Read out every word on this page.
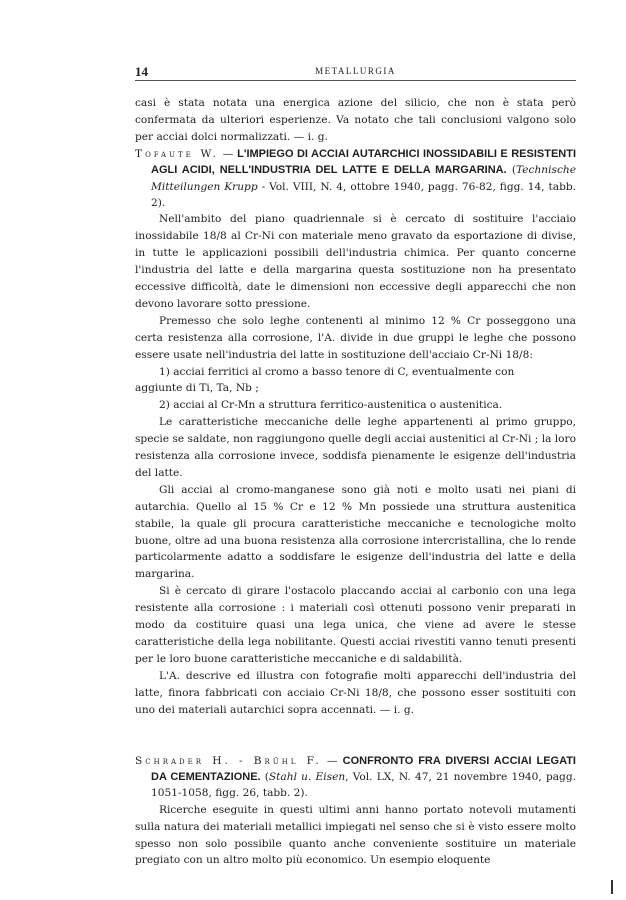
14	METALLURGIA

casi è stata notata una energica azione del silicio, che non è stata però confermata da ulteriori esperienze. Va notato che tali conclusioni valgono solo per acciai dolci normalizzati. — i. g.

Tofaute W. — L'IMPIEGO DI ACCIAI AUTARCHICI INOSSIDABILI E RESISTENTI AGLI ACIDI, NELL'INDUSTRIA DEL LATTE E DELLA MARGARINA. (Technische Mitteilungen Krupp - Vol. VIII, N. 4, ottobre 1940, pagg. 76-82, figg. 14, tabb. 2).

Nell'ambito del piano quadriennale si è cercato di sostituire l'acciaio inossidabile 18/8 al Cr-Ni con materiale meno gravato da esportazione di divise, in tutte le applicazioni possibili dell'industria chimica. Per quanto concerne l'industria del latte e della margarina questa sostituzione non ha presentato eccessive difficoltà, date le dimensioni non eccessive degli apparecchi che non devono lavorare sotto pressione.

Premesso che solo leghe contenenti al minimo 12 % Cr posseggono una certa resistenza alla corrosione, l'A. divide in due gruppi le leghe che possono essere usate nell'industria del latte in sostituzione dell'acciaio Cr-Ni 18/8:

1) acciai ferritici al cromo a basso tenore di C, eventualmente con

aggiunte di Ti, Ta, Nb ;

2) acciai al Cr-Mn a struttura ferritico-austenitica o austenitica.

Le caratteristiche meccaniche delle leghe appartenenti al primo gruppo, specie se saldate, non raggiungono quelle degli acciai austenitici al Cr-Ni ; la loro resistenza alla corrosione invece, soddisfa pienamente le esigenze dell'industria del latte.

Gli acciai al cromo-manganese sono già noti e molto usati nei piani di autarchia. Quello al 15 % Cr e 12 % Mn possiede una struttura austenitica stabile, la quale gli procura caratteristiche meccaniche e tecnologiche molto buone, oltre ad una buona resistenza alla corrosione intercristallina, che lo rende particolarmente adatto a soddisfare le esigenze dell'industria del latte e della margarina.

Si è cercato di girare l'ostacolo placcando acciai al carbonio con una lega resistente alla corrosione : i materiali così ottenuti possono venir preparati in modo da costituire quasi una lega unica, che viene ad avere le stesse caratteristiche della lega nobilitante. Questi acciai rivestiti vanno tenuti presenti per le loro buone caratteristiche meccaniche e di saldabilità.

L'A. descrive ed illustra con fotografie molti apparecchi dell'industria del latte, finora fabbricati con acciaio Cr-Ni 18/8, che possono esser sostituiti con uno dei materiali autarchici sopra accennati. — i. g.

Schrader H. - Brühl F. — CONFRONTO FRA DIVERSI ACCIAI LEGATI DA CEMENTAZIONE. (Stahl u. Eisen, Vol. LX, N. 47, 21 novembre 1940, pagg. 1051-1058, figg. 26, tabb. 2).

Ricerche eseguite in questi ultimi anni hanno portato notevoli mutamenti sulla natura dei materiali metallici impiegati nel senso che si è visto essere molto spesso non solo possibile quanto anche conveniente sostituire un materiale pregiato con un altro molto più economico. Un esempio eloquente
